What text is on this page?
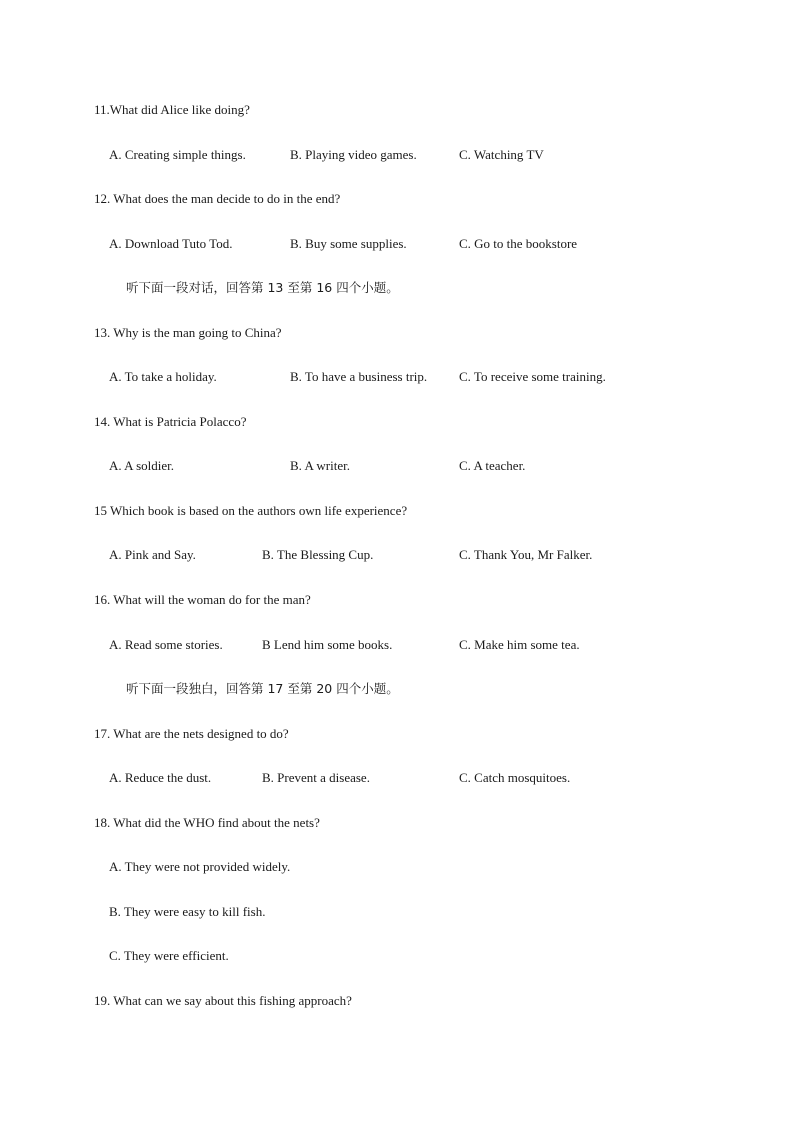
11.What did Alice like doing?
A. Creating simple things.	B. Playing video games.	C. Watching TV
12. What does the man decide to do in the end?
A. Download Tuto Tod.	B. Buy some supplies.	C. Go to the bookstore
听下面一段对话，回答第 13 至第 16 四个小题。
13. Why is the man going to China?
A. To take a holiday.	B. To have a business trip. C. To receive some training.
14. What is Patricia Polacco?
A. A soldier.	B. A writer.	C. A teacher.
15 Which book is based on the authors own life experience?
A. Pink and Say.	B. The Blessing Cup.	C. Thank You, Mr Falker.
16. What will the woman do for the man?
A. Read some stories.	B Lend him some books.	C. Make him some tea.
听下面一段独白，回答第 17 至第 20 四个小题。
17. What are the nets designed to do?
A. Reduce the dust.	B. Prevent a disease.	C. Catch mosquitoes.
18. What did the WHO find about the nets?
A. They were not provided widely.
B. They were easy to kill fish.
C. They were efficient.
19. What can we say about this fishing approach?
